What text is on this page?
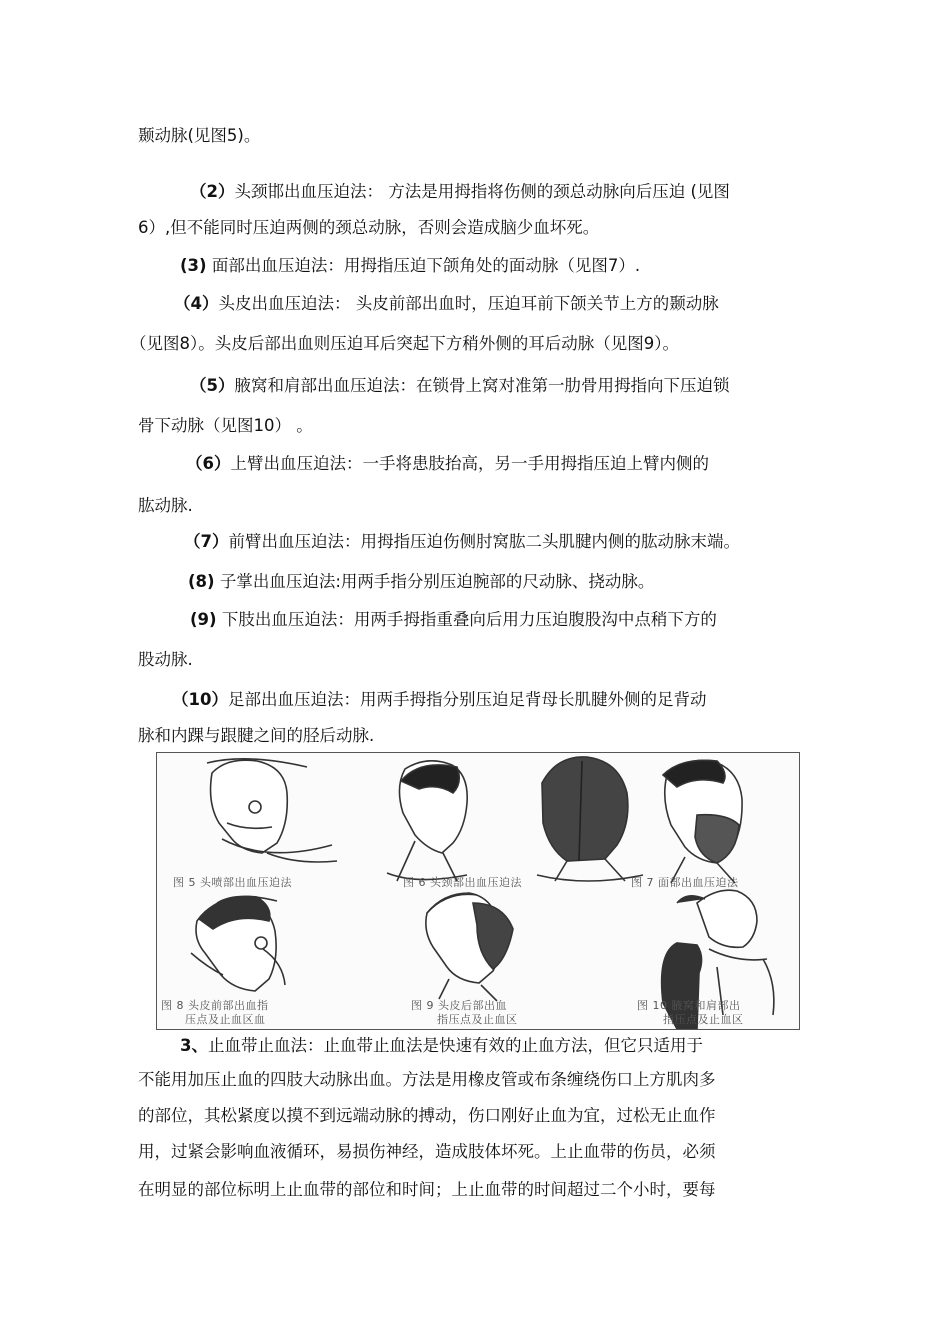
颞动脉(见图5)。
（2）头颈邯出血压迫法： 方法是用拇指将伤侧的颈总动脉向后压迫 (见图
6）,但不能同时压迫两侧的颈总动脉，否则会造成脑少血坏死。
(3) 面部出血压迫法：用拇指压迫下颌角处的面动脉（见图7）.
（4）头皮出血压迫法： 头皮前部出血时，压迫耳前下颌关节上方的颞动脉
（见图8）。头皮后部出血则压迫耳后突起下方稍外侧的耳后动脉（见图9）。
（5）腋窝和肩部出血压迫法：在锁骨上窝对准第一肋骨用拇指向下压迫锁
骨下动脉（见图10） 。
（6）上臂出血压迫法：一手将患肢抬高，另一手用拇指压迫上臂内侧的
肱动脉.
（7）前臂出血压迫法：用拇指压迫伤侧肘窝肱二头肌腱内侧的肱动脉末端。
(8) 子掌出血压迫法:用两手指分别压迫腕部的尺动脉、挠动脉。
(9) 下肢出血压迫法：用两手拇指重叠向后用力压迫腹股沟中点稍下方的
股动脉.
（10）足部出血压迫法：用两手拇指分别压迫足背母长肌腱外侧的足背动
脉和内踝与跟腱之间的胫后动脉.
图 5 头喷部出血压迫法	图 6 头颈部出血压迫法	图 7 面部出血压迫法
图 8 头皮前部出血指
压点及止血区血
图 9 头皮后部出血
指压点及止血区
图 10 腋窝和肩部出
指压点及止血区
3、止血带止血法：止血带止血法是快速有效的止血方法，但它只适用于
不能用加压止血的四肢大动脉出血。方法是用橡皮管或布条缠绕伤口上方肌肉多
的部位，其松紧度以摸不到远端动脉的搏动，伤口刚好止血为宜，过松无止血作
用，过紧会影响血液循环，易损伤神经，造成肢体坏死。上止血带的伤员，必须
在明显的部位标明上止血带的部位和时间；上止血带的时间超过二个小时，要每
